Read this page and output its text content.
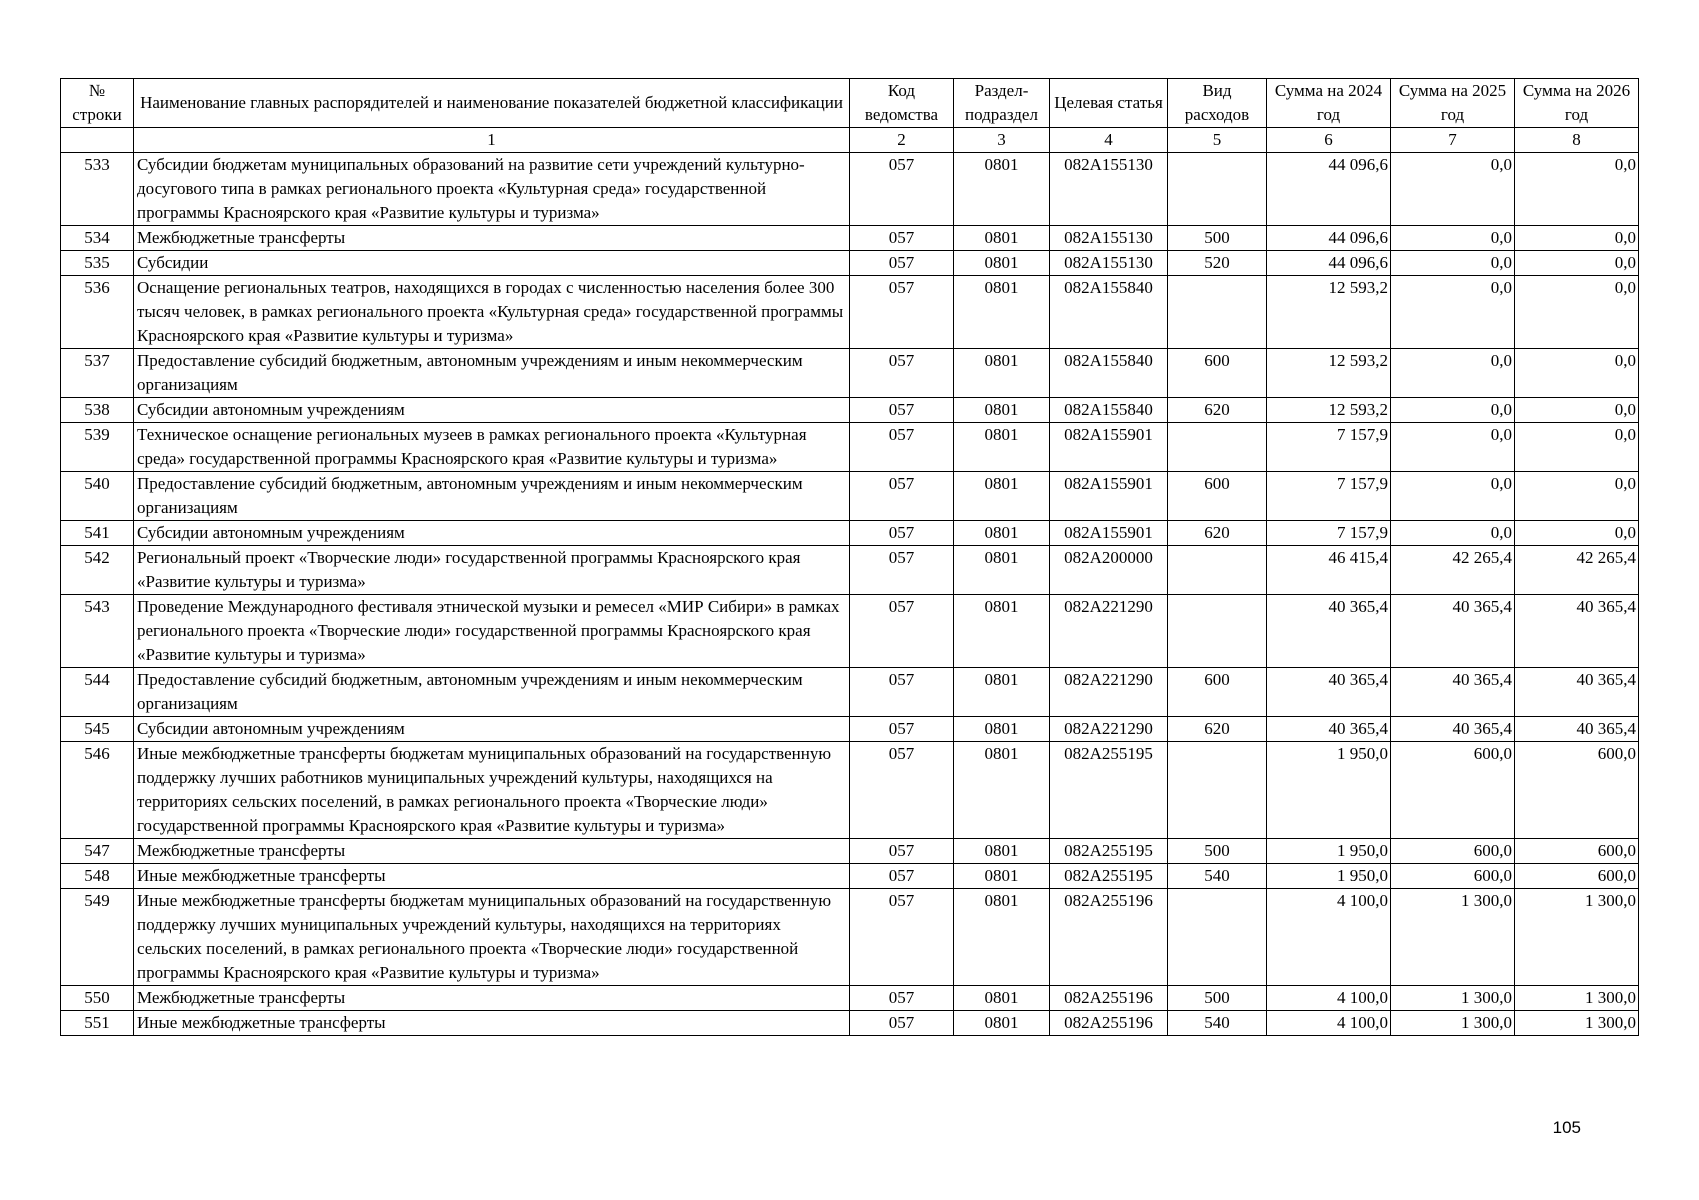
№ строки	Наименование главных распорядителей и наименование показателей бюджетной классификации	Код ведомства	Раздел-подраздел	Целевая статья	Вид расходов	Сумма на 2024 год	Сумма на 2025 год	Сумма на 2026 год
	1	2	3	4	5	6	7	8
533	Субсидии бюджетам муниципальных образований на развитие сети учреждений культурно-досугового типа в рамках регионального проекта «Культурная среда» государственной программы Красноярского края «Развитие культуры и туризма»	057	0801	082А155130		44 096,6	0,0	0,0
534	Межбюджетные трансферты	057	0801	082А155130	500	44 096,6	0,0	0,0
535	Субсидии	057	0801	082А155130	520	44 096,6	0,0	0,0
536	Оснащение региональных театров, находящихся в городах с численностью населения более 300 тысяч человек, в рамках регионального проекта «Культурная среда» государственной программы Красноярского края «Развитие культуры и туризма»	057	0801	082А155840		12 593,2	0,0	0,0
537	Предоставление субсидий бюджетным, автономным учреждениям и иным некоммерческим организациям	057	0801	082А155840	600	12 593,2	0,0	0,0
538	Субсидии автономным учреждениям	057	0801	082А155840	620	12 593,2	0,0	0,0
539	Техническое оснащение региональных музеев в рамках регионального проекта «Культурная среда» государственной программы Красноярского края «Развитие культуры и туризма»	057	0801	082А155901		7 157,9	0,0	0,0
540	Предоставление субсидий бюджетным, автономным учреждениям и иным некоммерческим организациям	057	0801	082А155901	600	7 157,9	0,0	0,0
541	Субсидии автономным учреждениям	057	0801	082А155901	620	7 157,9	0,0	0,0
542	Региональный проект «Творческие люди» государственной программы Красноярского края «Развитие культуры и туризма»	057	0801	082А200000		46 415,4	42 265,4	42 265,4
543	Проведение Международного фестиваля этнической музыки и ремесел «МИР Сибири» в рамках регионального проекта «Творческие люди» государственной программы Красноярского края «Развитие культуры и туризма»	057	0801	082А221290		40 365,4	40 365,4	40 365,4
544	Предоставление субсидий бюджетным, автономным учреждениям и иным некоммерческим организациям	057	0801	082А221290	600	40 365,4	40 365,4	40 365,4
545	Субсидии автономным учреждениям	057	0801	082А221290	620	40 365,4	40 365,4	40 365,4
546	Иные межбюджетные трансферты бюджетам муниципальных образований на государственную поддержку лучших работников муниципальных учреждений культуры, находящихся на территориях сельских поселений, в рамках регионального проекта «Творческие люди» государственной программы Красноярского края «Развитие культуры и туризма»	057	0801	082А255195		1 950,0	600,0	600,0
547	Межбюджетные трансферты	057	0801	082А255195	500	1 950,0	600,0	600,0
548	Иные межбюджетные трансферты	057	0801	082А255195	540	1 950,0	600,0	600,0
549	Иные межбюджетные трансферты бюджетам муниципальных образований на государственную поддержку лучших муниципальных учреждений культуры, находящихся на территориях сельских поселений, в рамках регионального проекта «Творческие люди» государственной программы Красноярского края «Развитие культуры и туризма»	057	0801	082А255196		4 100,0	1 300,0	1 300,0
550	Межбюджетные трансферты	057	0801	082А255196	500	4 100,0	1 300,0	1 300,0
551	Иные межбюджетные трансферты	057	0801	082А255196	540	4 100,0	1 300,0	1 300,0
105
